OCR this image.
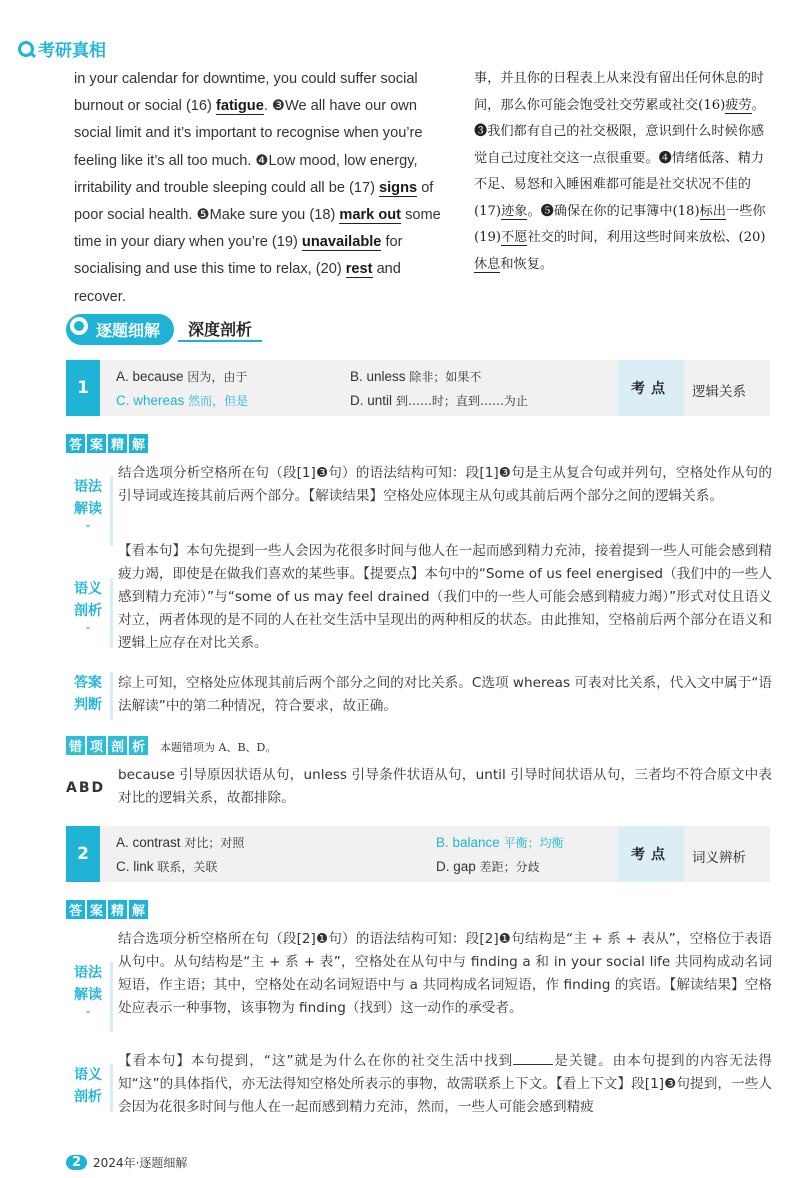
考研真相
in your calendar for downtime, you could suffer social burnout or social (16) fatigue. ❸We all have our own social limit and it’s important to recognise when you’re feeling like it’s all too much. ❹Low mood, low energy, irritability and trouble sleeping could all be (17) signs of poor social health. ❺Make sure you (18) mark out some time in your diary when you’re (19) unavailable for socialising and use this time to relax, (20) rest and recover.
事，并且你的日程表上从来没有留出任何休息的时间，那么你可能会饱受社交劳累或社交(16)疲劳。❸我们都有自己的社交极限，意识到什么时候你感觉自己过度社交这一点很重要。❹情绪低落、精力不足、易怒和入睡困难都可能是社交状况不佳的(17)迹象。❺确保在你的记事簿中(18)标出一些你(19)不愿社交的时间，利用这些时间来放松、(20)休息和恢复。
逐题细解	深度剖析
1
A. because 因为，由于	B. unless 除非；如果不
C. whereas 然而，但是	D. until 到……时；直到……为止
考点	逻辑关系
答 案 精 解
语法
解读
⌄
结合选项分析空格所在句（段[1]❸句）的语法结构可知：段[1]❸句是主从复合句或并列句，空格处作从句的引导词或连接其前后两个部分。【解读结果】空格处应体现主从句或其前后两个部分之间的逻辑关系。
语义
剖析
⌄
【看本句】本句先提到一些人会因为花很多时间与他人在一起而感到精力充沛，接着提到一些人可能会感到精疲力竭，即使是在做我们喜欢的某些事。【提要点】本句中的“Some of us feel energised（我们中的一些人感到精力充沛）”与“some of us may feel drained（我们中的一些人可能会感到精疲力竭）”形式对仗且语义对立，两者体现的是不同的人在社交生活中呈现出的两种相反的状态。由此推知，空格前后两个部分在语义和逻辑上应存在对比关系。
答案
判断
综上可知，空格处应体现其前后两个部分之间的对比关系。C选项 whereas 可表对比关系，代入文中属于“语法解读”中的第二种情况，符合要求，故正确。
错 项 剖 析 本题错项为 A、B、D。
ABD
because 引导原因状语从句，unless 引导条件状语从句，until 引导时间状语从句，三者均不符合原文中表对比的逻辑关系，故都排除。
2
A. contrast 对比；对照	B. balance 平衡；均衡
C. link 联系，关联	D. gap 差距；分歧
考点	词义辨析
答 案 精 解
语法
解读
⌄
结合选项分析空格所在句（段[2]❶句）的语法结构可知：段[2]❶句结构是“主 + 系 + 表从”，空格位于表语从句中。从句结构是“主 + 系 + 表”，空格处在从句中与 finding a 和 in your social life 共同构成动名词短语，作主语；其中，空格处在动名词短语中与 a 共同构成名词短语，作 finding 的宾语。【解读结果】空格处应表示一种事物，该事物为 finding（找到）这一动作的承受者。
语义
剖析
【看本句】本句提到，“这”就是为什么在你的社交生活中找到	是关键。由本句提到的内容无法得知“这”的具体指代，亦无法得知空格处所表示的事物，故需联系上下文。【看上下文】段[1]❸句提到，一些人会因为花很多时间与他人在一起而感到精力充沛，然而，一些人可能会感到精疲
2	2024年·逐题细解
